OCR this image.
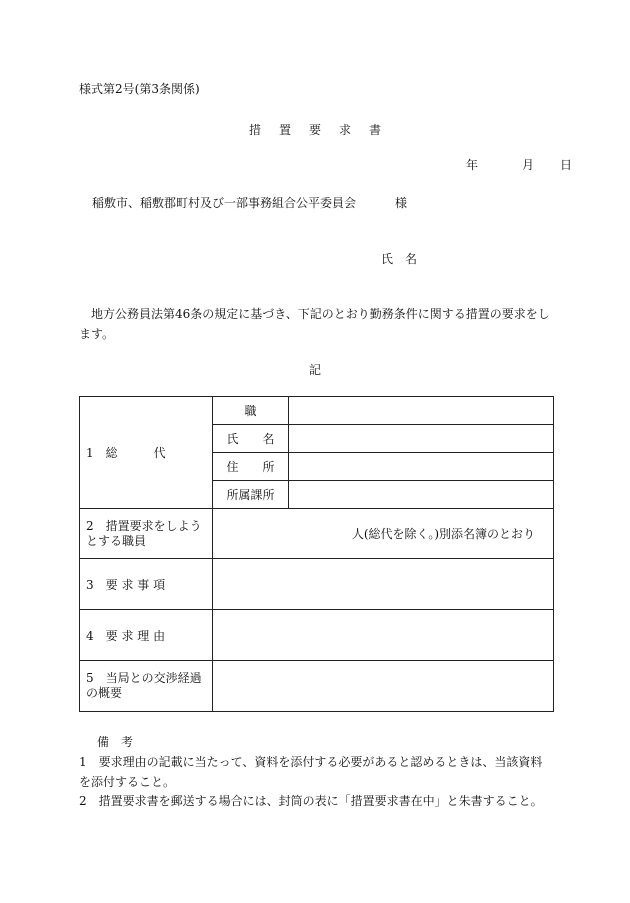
様式第2号(第3条関係)
措 置 要 求 書
年	月 日
稲敷市、稲敷郡町村及び一部事務組合公平委員会	様
氏　名
地方公務員法第46条の規定に基づき、下記のとおり勤務条件に関する措置の要求をします。
記
1　総　　　代	職	
	氏　　名	
	住　　所	
	所属課所	
2　措置要求をしようとする職員	人(総代を除く。)別添名簿のとおり	
3　要 求 事 項		
4　要 求 理 由		
5　当局との交渉経過の概要		
備　考
1　要求理由の記載に当たって、資料を添付する必要があると認めるときは、当該資料を添付すること。
2　措置要求書を郵送する場合には、封筒の表に「措置要求書在中」と朱書すること。
